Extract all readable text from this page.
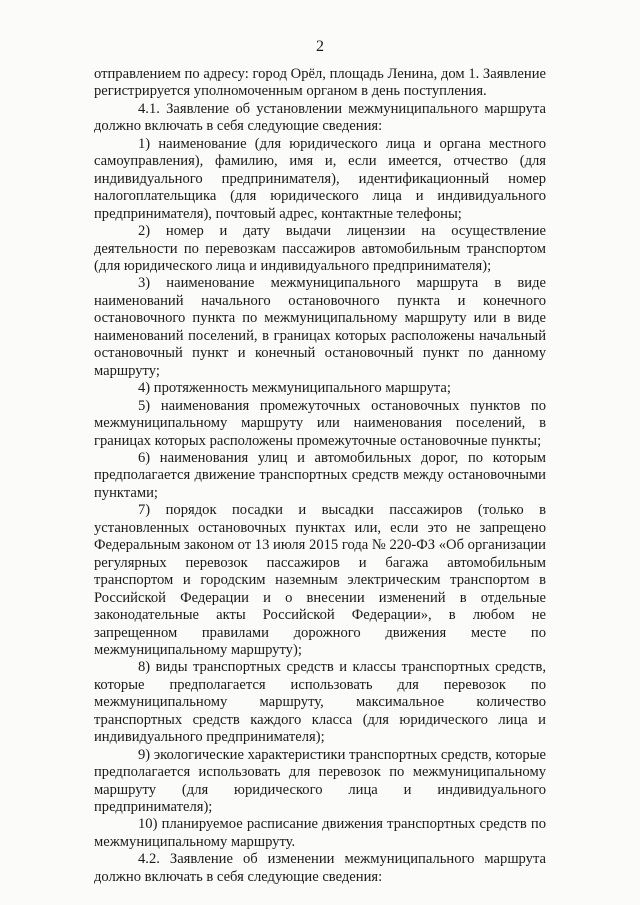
2

отправлением по адресу: город Орёл, площадь Ленина, дом 1. Заявление регистрируется уполномоченным органом в день поступления.

4.1. Заявление об установлении межмуниципального маршрута должно включать в себя следующие сведения:

1) наименование (для юридического лица и органа местного самоуправления), фамилию, имя и, если имеется, отчество (для индивидуального предпринимателя), идентификационный номер налогоплательщика (для юридического лица и индивидуального предпринимателя), почтовый адрес, контактные телефоны;

2) номер и дату выдачи лицензии на осуществление деятельности по перевозкам пассажиров автомобильным транспортом (для юридического лица и индивидуального предпринимателя);

3) наименование межмуниципального маршрута в виде наименований начального остановочного пункта и конечного остановочного пункта по межмуниципальному маршруту или в виде наименований поселений, в границах которых расположены начальный остановочный пункт и конечный остановочный пункт по данному маршруту;

4) протяженность межмуниципального маршрута;

5) наименования промежуточных остановочных пунктов по межмуниципальному маршруту или наименования поселений, в границах которых расположены промежуточные остановочные пункты;

6) наименования улиц и автомобильных дорог, по которым предполагается движение транспортных средств между остановочными пунктами;

7) порядок посадки и высадки пассажиров (только в установленных остановочных пунктах или, если это не запрещено Федеральным законом от 13 июля 2015 года № 220-ФЗ «Об организации регулярных перевозок пассажиров и багажа автомобильным транспортом и городским наземным электрическим транспортом в Российской Федерации и о внесении изменений в отдельные законодательные акты Российской Федерации», в любом не запрещенном правилами дорожного движения месте по межмуниципальному маршруту);

8) виды транспортных средств и классы транспортных средств, которые предполагается использовать для перевозок по межмуниципальному маршруту, максимальное количество транспортных средств каждого класса (для юридического лица и индивидуального предпринимателя);

9) экологические характеристики транспортных средств, которые предполагается использовать для перевозок по межмуниципальному маршруту (для юридического лица и индивидуального предпринимателя);

10) планируемое расписание движения транспортных средств по межмуниципальному маршруту.

4.2. Заявление об изменении межмуниципального маршрута должно включать в себя следующие сведения:
